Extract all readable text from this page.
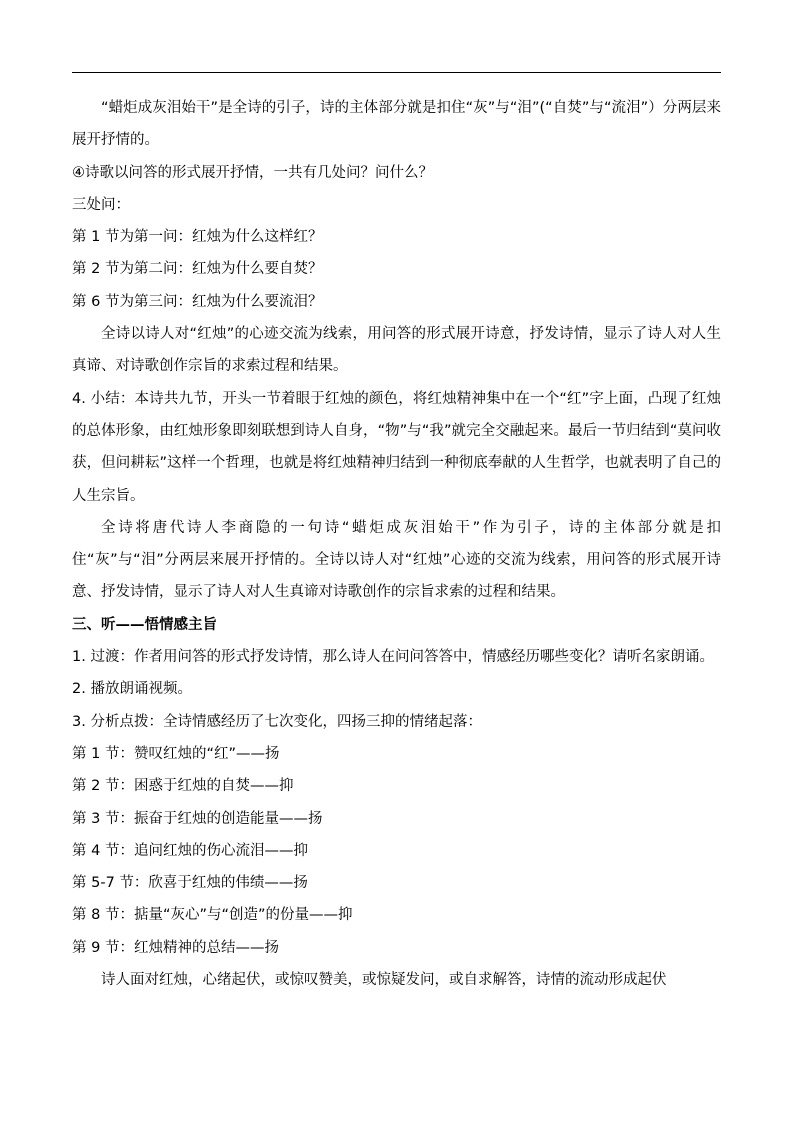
“蜡炬成灰泪始干”是全诗的引子，诗的主体部分就是扣住“灰”与“泪”(“自焚”与“流泪”）分两层来展开抒情的。

④诗歌以问答的形式展开抒情，一共有几处问？问什么？

三处问：

第 1 节为第一问：红烛为什么这样红？

第 2 节为第二问：红烛为什么要自焚？

第 6 节为第三问：红烛为什么要流泪？

全诗以诗人对“红烛”的心迹交流为线索，用问答的形式展开诗意，抒发诗情，显示了诗人对人生真谛、对诗歌创作宗旨的求索过程和结果。

4. 小结：本诗共九节，开头一节着眼于红烛的颜色，将红烛精神集中在一个“红”字上面，凸现了红烛的总体形象，由红烛形象即刻联想到诗人自身，“物”与“我”就完全交融起来。最后一节归结到“莫问收获，但问耕耘”这样一个哲理，也就是将红烛精神归结到一种彻底奉献的人生哲学，也就表明了自己的人生宗旨。

全诗将唐代诗人李商隐的一句诗“蜡炬成灰泪始干”作为引子，诗的主体部分就是扣住“灰”与“泪”分两层来展开抒情的。全诗以诗人对“红烛”心迹的交流为线索，用问答的形式展开诗意、抒发诗情，显示了诗人对人生真谛对诗歌创作的宗旨求索的过程和结果。

三、听——悟情感主旨

1. 过渡：作者用问答的形式抒发诗情，那么诗人在问问答答中，情感经历哪些变化？请听名家朗诵。

2. 播放朗诵视频。

3. 分析点拨：全诗情感经历了七次变化，四扬三抑的情绪起落：

第 1 节：赞叹红烛的“红”——扬

第 2 节：困惑于红烛的自焚——抑

第 3 节：振奋于红烛的创造能量——扬

第 4 节：追问红烛的伤心流泪——抑

第 5-7 节：欣喜于红烛的伟绩——扬

第 8 节：掂量“灰心”与“创造”的份量——抑

第 9 节：红烛精神的总结——扬

诗人面对红烛，心绪起伏，或惊叹赞美，或惊疑发问，或自求解答，诗情的流动形成起伏
